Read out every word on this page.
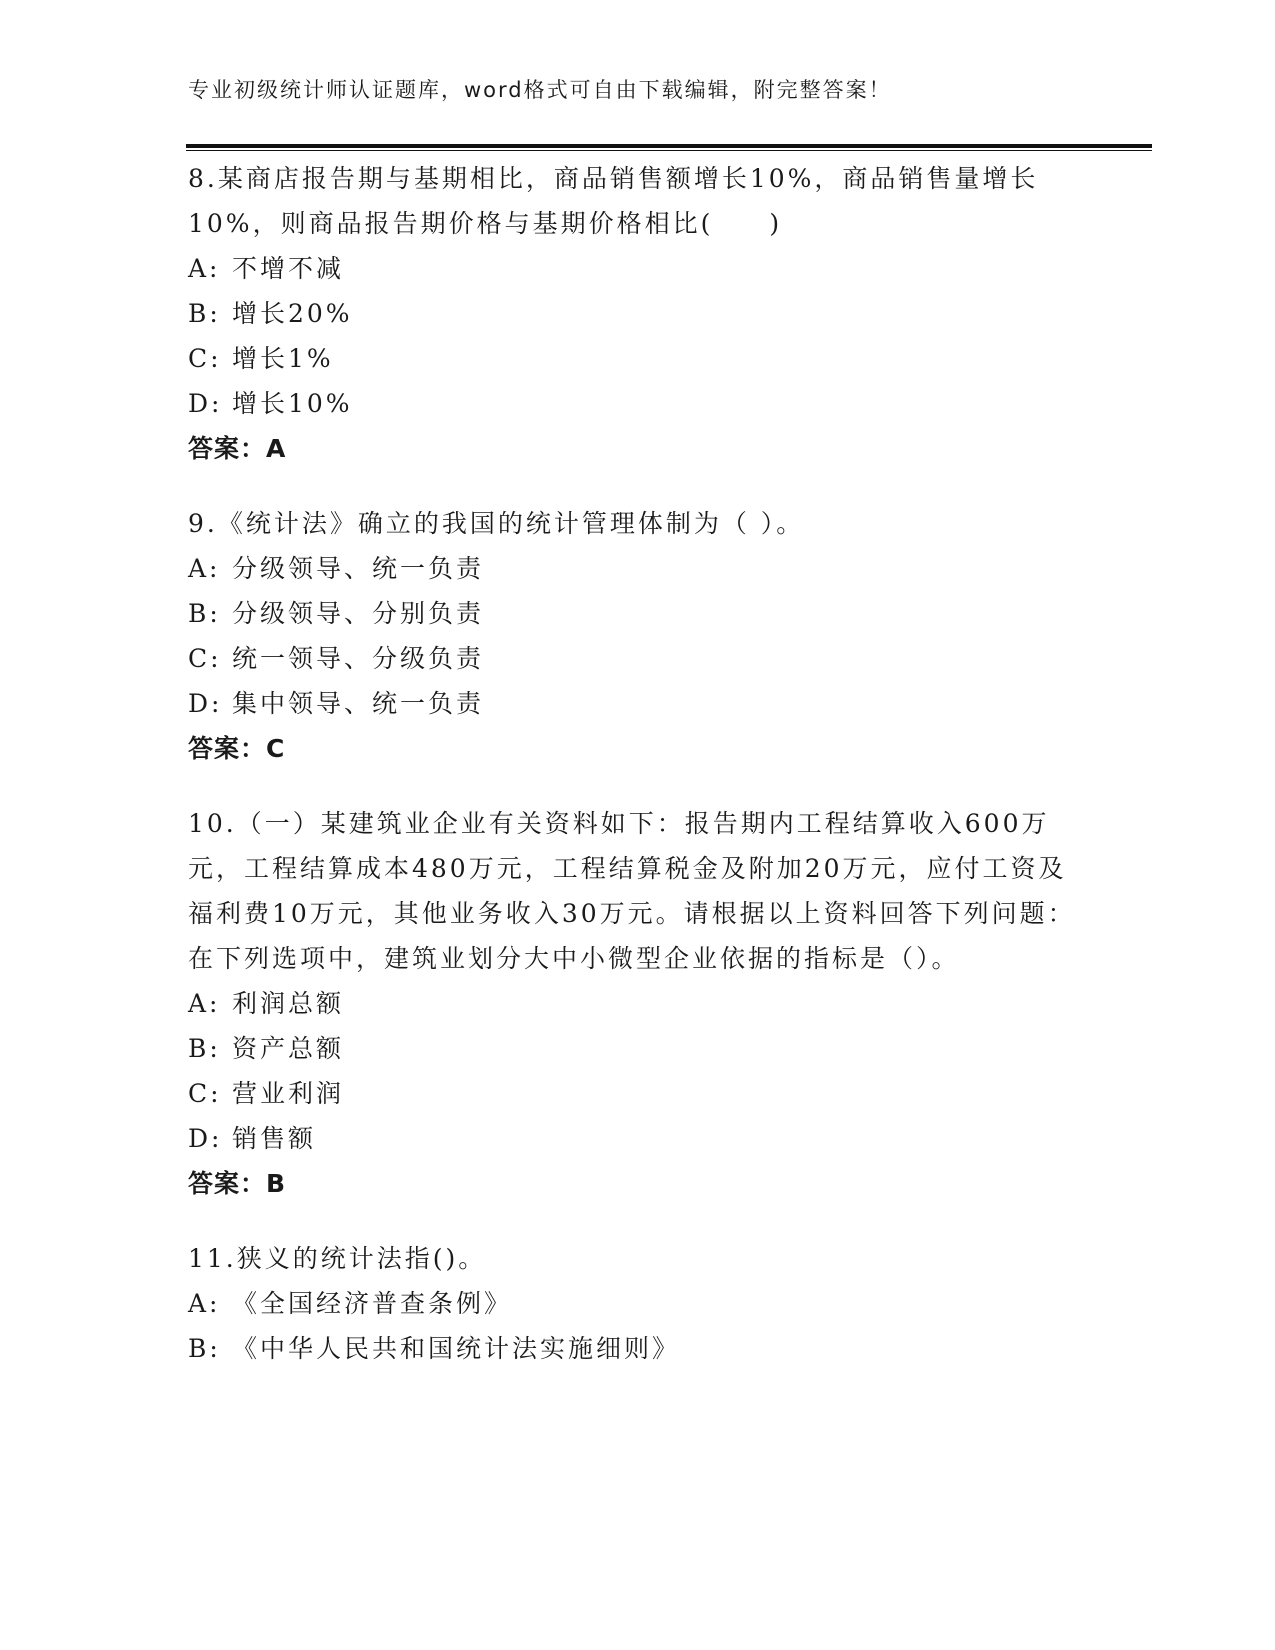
专业初级统计师认证题库，word格式可自由下载编辑，附完整答案！
8.某商店报告期与基期相比，商品销售额增长10%，商品销售量增长10%，则商品报告期价格与基期价格相比(　　)
A: 不增不减
B: 增长20%
C: 增长1%
D: 增长10%
答案：A
9.《统计法》确立的我国的统计管理体制为（ ）。
A: 分级领导、统一负责
B: 分级领导、分别负责
C: 统一领导、分级负责
D: 集中领导、统一负责
答案：C
10.（一）某建筑业企业有关资料如下：报告期内工程结算收入600万元，工程结算成本480万元，工程结算税金及附加20万元，应付工资及福利费10万元，其他业务收入30万元。请根据以上资料回答下列问题：在下列选项中，建筑业划分大中小微型企业依据的指标是（）。
A: 利润总额
B: 资产总额
C: 营业利润
D: 销售额
答案：B
11.狭义的统计法指()。
A: 《全国经济普查条例》
B: 《中华人民共和国统计法实施细则》
